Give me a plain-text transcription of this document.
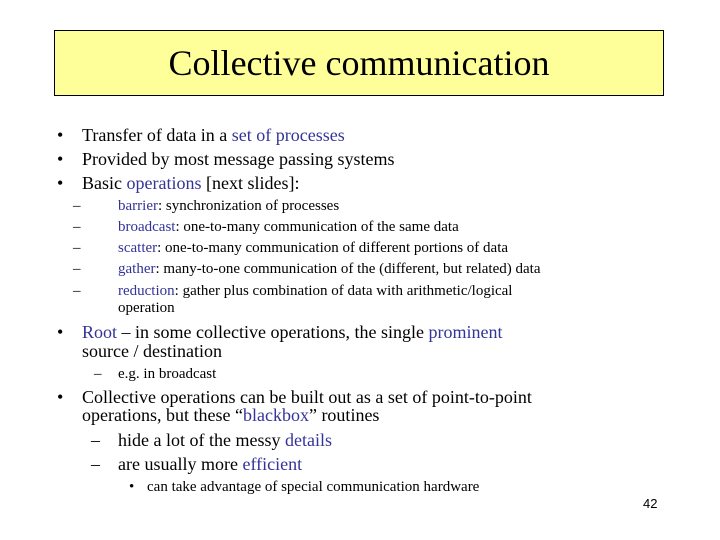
Collective communication
• Transfer of data in a set of processes
• Provided by most message passing systems
• Basic operations [next slides]:
–	barrier: synchronization of processes
–	broadcast: one-to-many communication of the same data
–	scatter: one-to-many communication of different portions of data
–	gather: many-to-one communication of the (different, but related) data
–	reduction: gather plus combination of data with arithmetic/logical
operation
• Root – in some collective operations, the single prominent
source / destination
– e.g. in broadcast
• Collective operations can be built out as a set of point-to-point
operations, but these “blackbox” routines
– hide a lot of the messy details
– are usually more efficient
• can take advantage of special communication hardware
42
